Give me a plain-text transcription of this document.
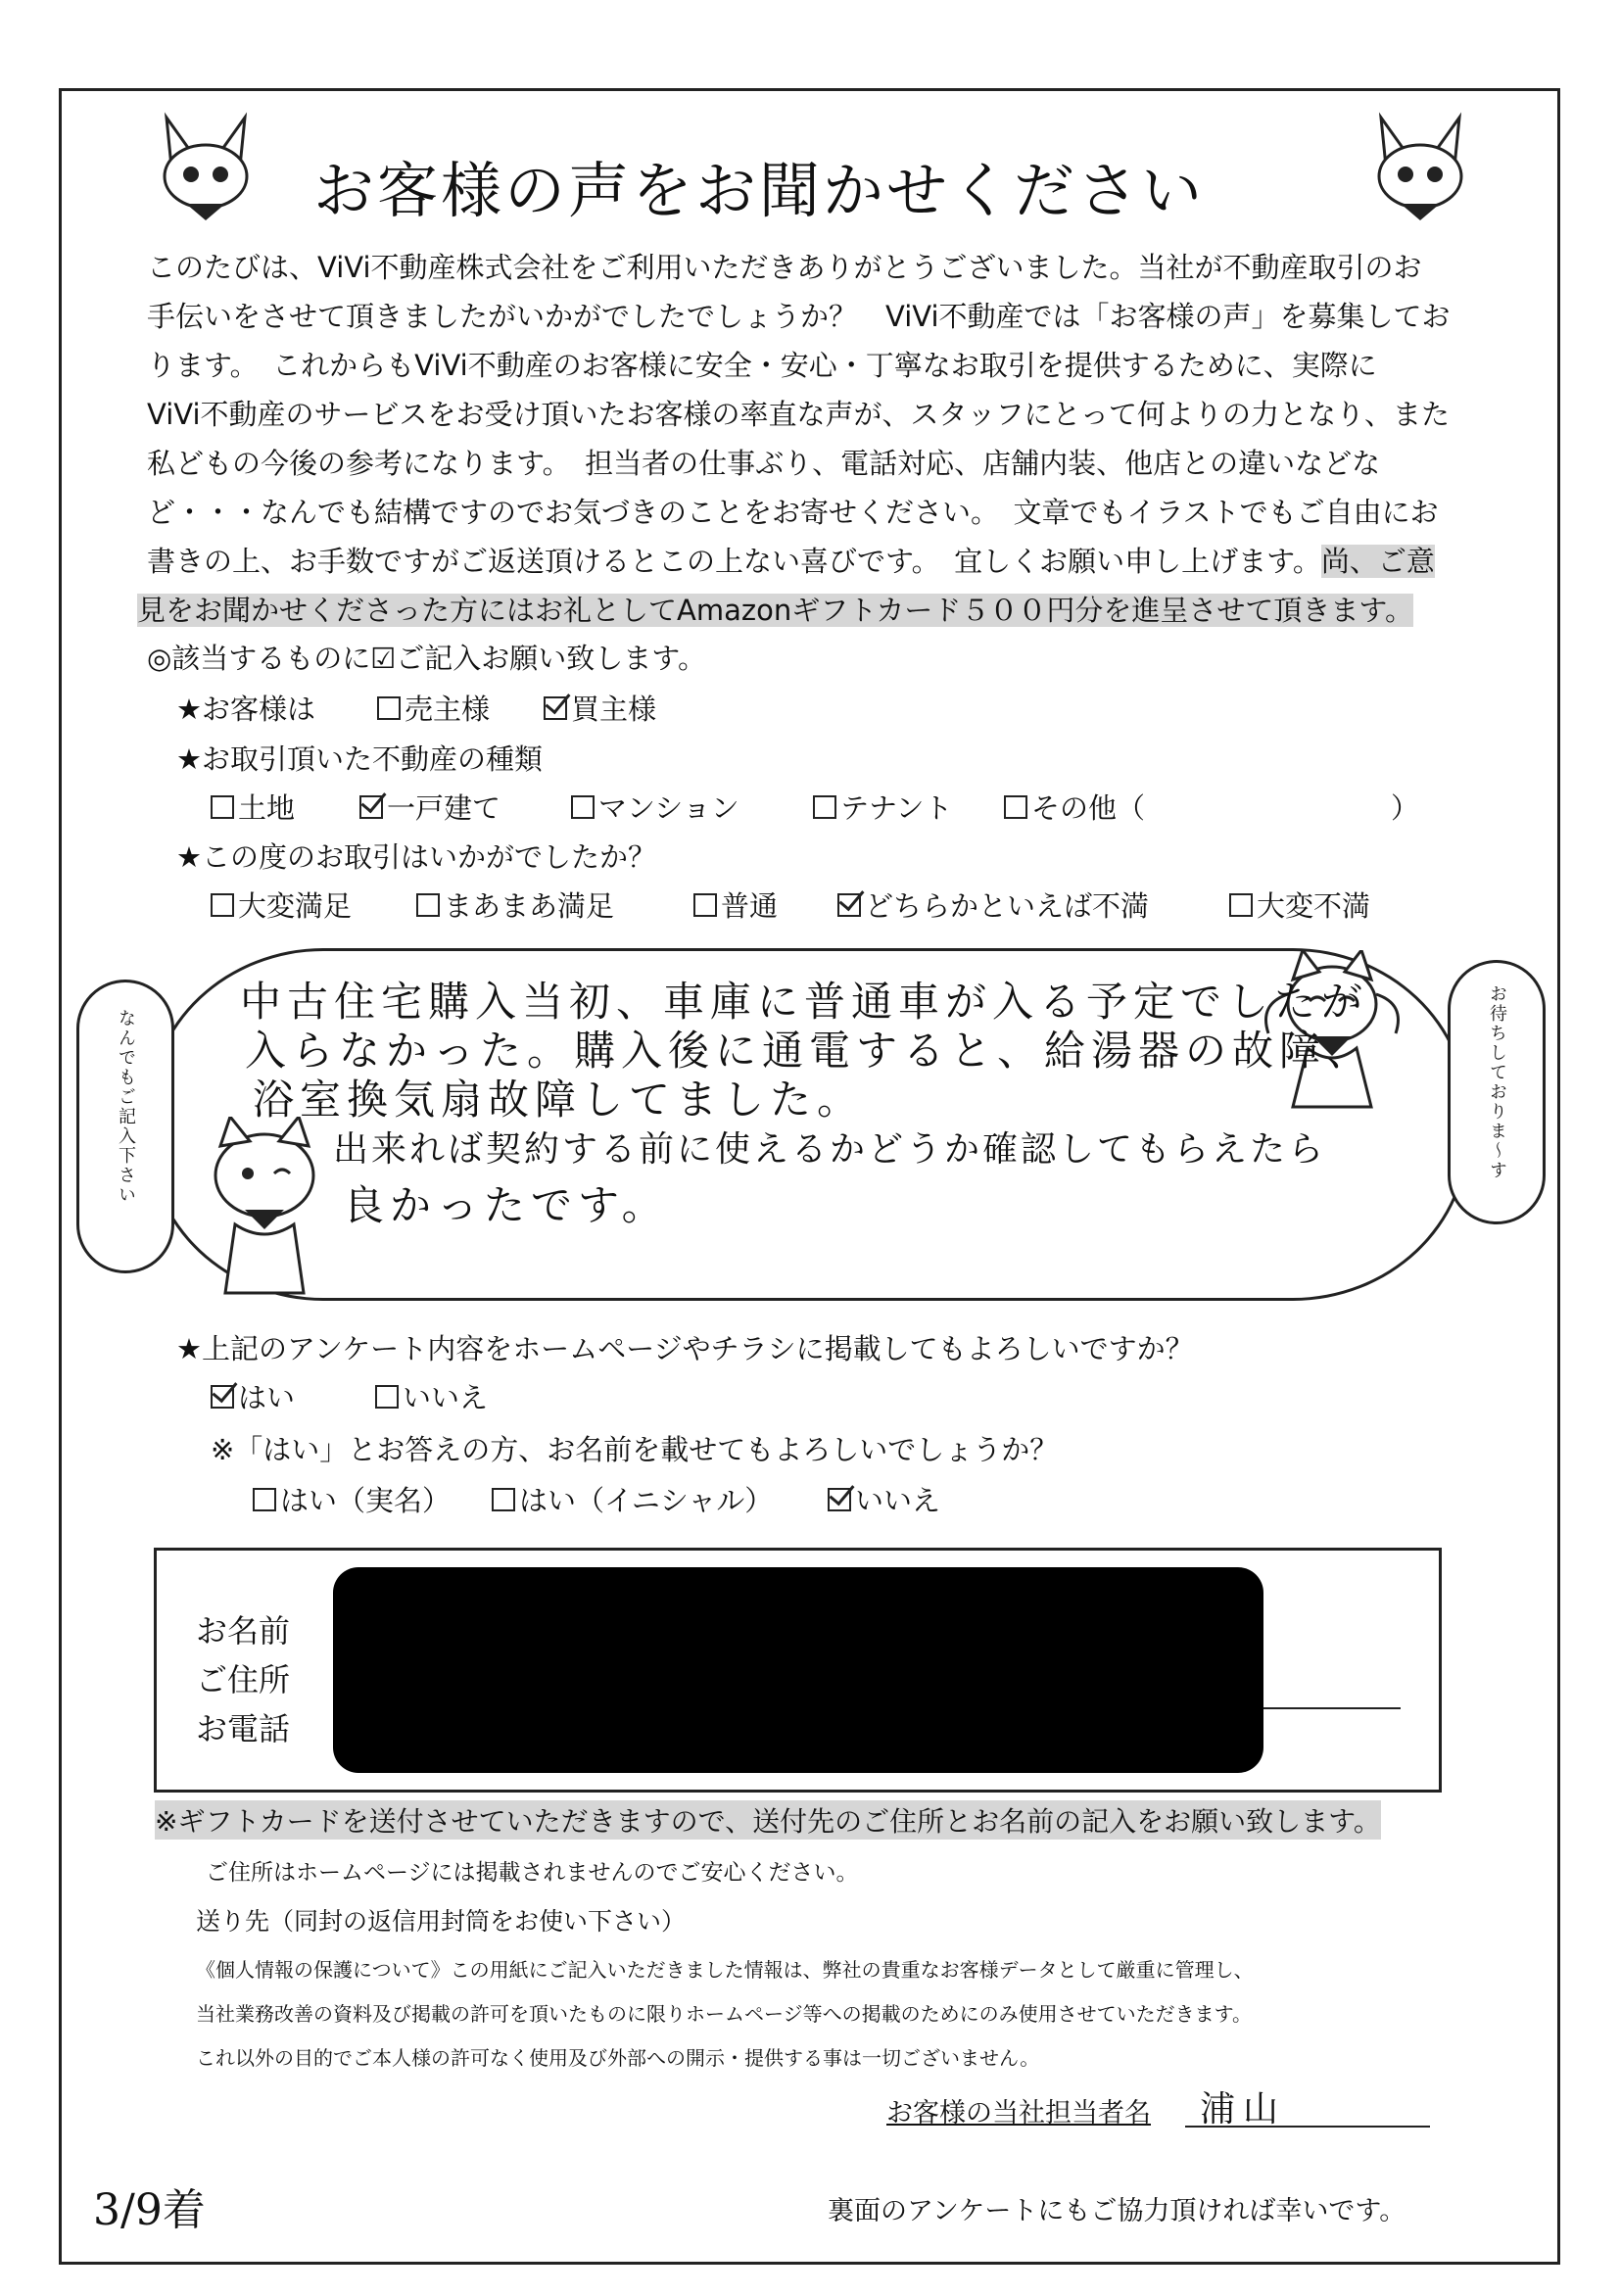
お客様の声をお聞かせください
このたびは、ViVi不動産株式会社をご利用いただきありがとうございました。当社が不動産取引のお
手伝いをさせて頂きましたがいかがでしたでしょうか？　ViVi不動産では「お客様の声」を募集してお
ります。　これからもViVi不動産のお客様に安全・安心・丁寧なお取引を提供するために、実際に
ViVi不動産のサービスをお受け頂いたお客様の率直な声が、スタッフにとって何よりの力となり、また
私どもの今後の参考になります。　担当者の仕事ぶり、電話対応、店舗内装、他店との違いなどな
ど・・・なんでも結構ですのでお気づきのことをお寄せください。　文章でもイラストでもご自由にお
書きの上、お手数ですがご返送頂けるとこの上ない喜びです。　宜しくお願い申し上げます。尚、ご意
見をお聞かせくださった方にはお礼としてAmazonギフトカード５００円分を進呈させて頂きます。
◎該当するものに☑ご記入お願い致します。
★お客様は	売主様	買主様
★お取引頂いた不動産の種類
土地	一戸建て	マンション	テナント	その他（	）
★この度のお取引はいかがでしたか？
大変満足	まあまあ満足	普通	どちらかといえば不満	大変不満
なんでもご記入下さい	お待ちしておりま〜す
中古住宅購入当初、車庫に普通車が入る予定でしたが
入らなかった。購入後に通電すると、給湯器の故障、
浴室換気扇故障してました。
出来れば契約する前に使えるかどうか確認してもらえたら
良かったです。
★上記のアンケート内容をホームページやチラシに掲載してもよろしいですか？
はい	いいえ
※「はい」とお答えの方、お名前を載せてもよろしいでしょうか？
はい（実名）	はい（イニシャル）	いいえ
お名前
ご住所
お電話
※ギフトカードを送付させていただきますので、送付先のご住所とお名前の記入をお願い致します。
ご住所はホームページには掲載されませんのでご安心ください。
送り先（同封の返信用封筒をお使い下さい）
《個人情報の保護について》この用紙にご記入いただきました情報は、弊社の貴重なお客様データとして厳重に管理し、
当社業務改善の資料及び掲載の許可を頂いたものに限りホームページ等への掲載のためにのみ使用させていただきます。
これ以外の目的でご本人様の許可なく使用及び外部への開示・提供する事は一切ございません。
お客様の当社担当者名 浦山
3/9着	裏面のアンケートにもご協力頂ければ幸いです。
